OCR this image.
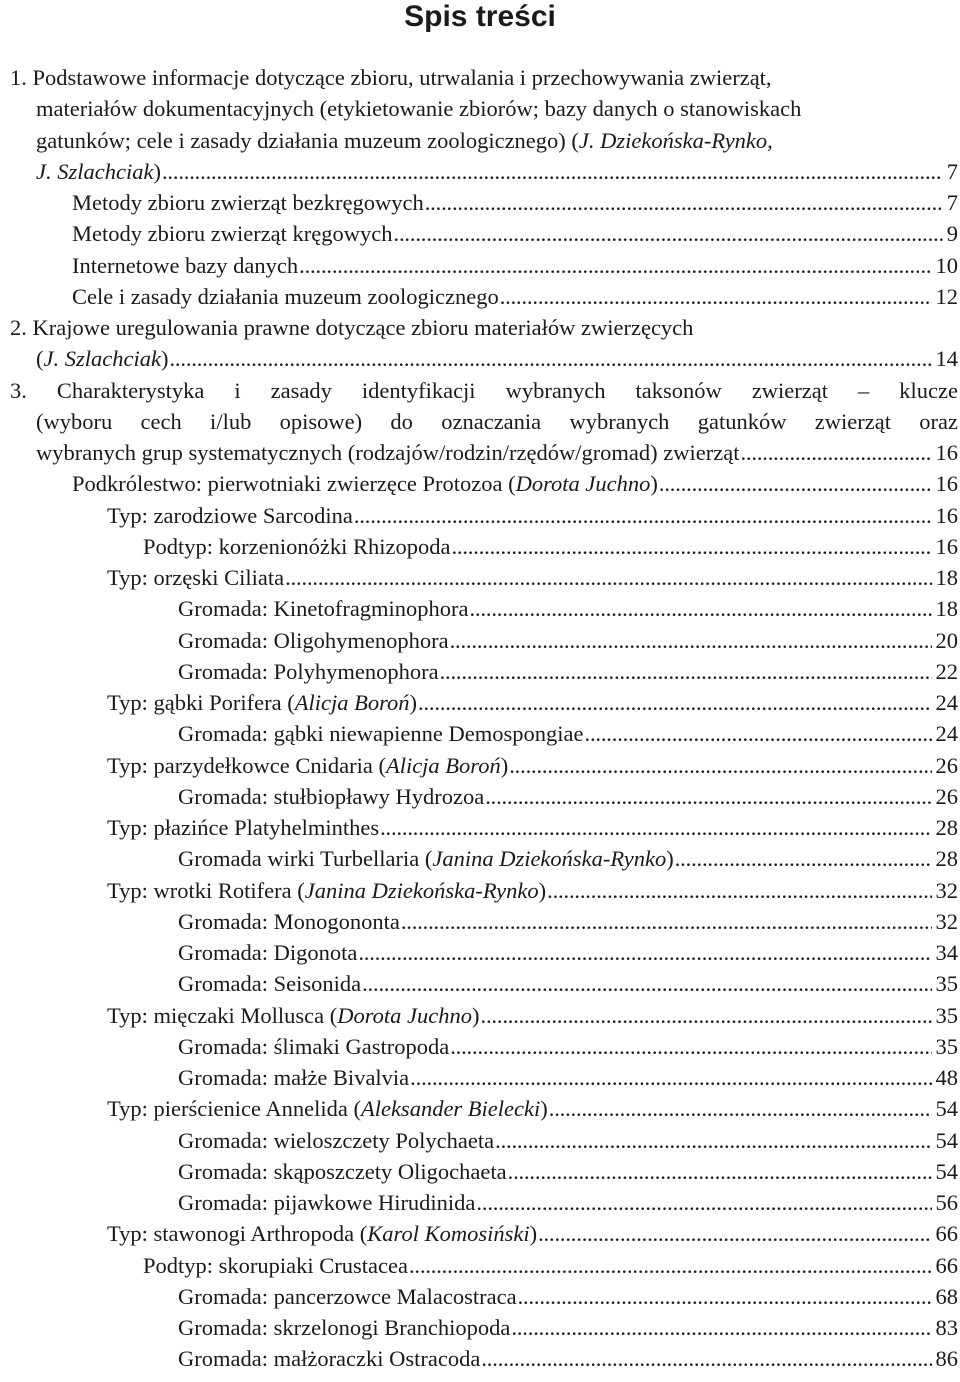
Spis treści
1. Podstawowe informacje dotyczące zbioru, utrwalania i przechowywania zwierząt,
materiałów dokumentacyjnych (etykietowanie zbiorów; bazy danych o stanowiskach
gatunków; cele i zasady działania muzeum zoologicznego) (J. Dziekońska-Rynko,
J. Szlachciak) . . .	7
Metody zbioru zwierząt bezkręgowych . . .	7
Metody zbioru zwierząt kręgowych . . .	9
Internetowe bazy danych . . .	10
Cele i zasady działania muzeum zoologicznego . . .	12
2. Krajowe uregulowania prawne dotyczące zbioru materiałów zwierzęcych
(J. Szlachciak) . . .	14
3. Charakterystyka i zasady identyfikacji wybranych taksonów zwierząt – klucze
(wyboru cech i/lub opisowe) do oznaczania wybranych gatunków zwierząt oraz
wybranych grup systematycznych (rodzajów/rodzin/rzędów/gromad) zwierząt . . .	16
Podkrólestwo: pierwotniaki zwierzęce Protozoa (Dorota Juchno) . . .	16
Typ: zarodziowe Sarcodina . . .	16
Podtyp: korzenionóżki Rhizopoda . . .	16
Typ: orzęski Ciliata . . .	18
Gromada: Kinetofragminophora . . .	18
Gromada: Oligohymenophora . . .	20
Gromada: Polyhymenophora . . .	22
Typ: gąbki Porifera (Alicja Boroń) . . .	24
Gromada: gąbki niewapienne Demospongiae . . .	24
Typ: parzydełkowce Cnidaria (Alicja Boroń) . . .	26
Gromada: stułbiopławy Hydrozoa . . .	26
Typ: płazińce Platyhelminthes . . .	28
Gromada wirki Turbellaria (Janina Dziekońska-Rynko) . . .	28
Typ: wrotki Rotifera (Janina Dziekońska-Rynko) . . .	32
Gromada: Monogononta . . .	32
Gromada: Digonota . . .	34
Gromada: Seisonida . . .	35
Typ: mięczaki Mollusca (Dorota Juchno) . . .	35
Gromada: ślimaki Gastropoda . . .	35
Gromada: małże Bivalvia . . .	48
Typ: pierścienice Annelida (Aleksander Bielecki) . . .	54
Gromada: wieloszczety Polychaeta . . .	54
Gromada: skąposzczety Oligochaeta . . .	54
Gromada: pijawkowe Hirudinida . . .	56
Typ: stawonogi Arthropoda (Karol Komosiński) . . .	66
Podtyp: skorupiaki Crustacea . . .	66
Gromada: pancerzowce Malacostraca . . .	68
Gromada: skrzelonogi Branchiopoda . . .	83
Gromada: małżoraczki Ostracoda . . .	86
